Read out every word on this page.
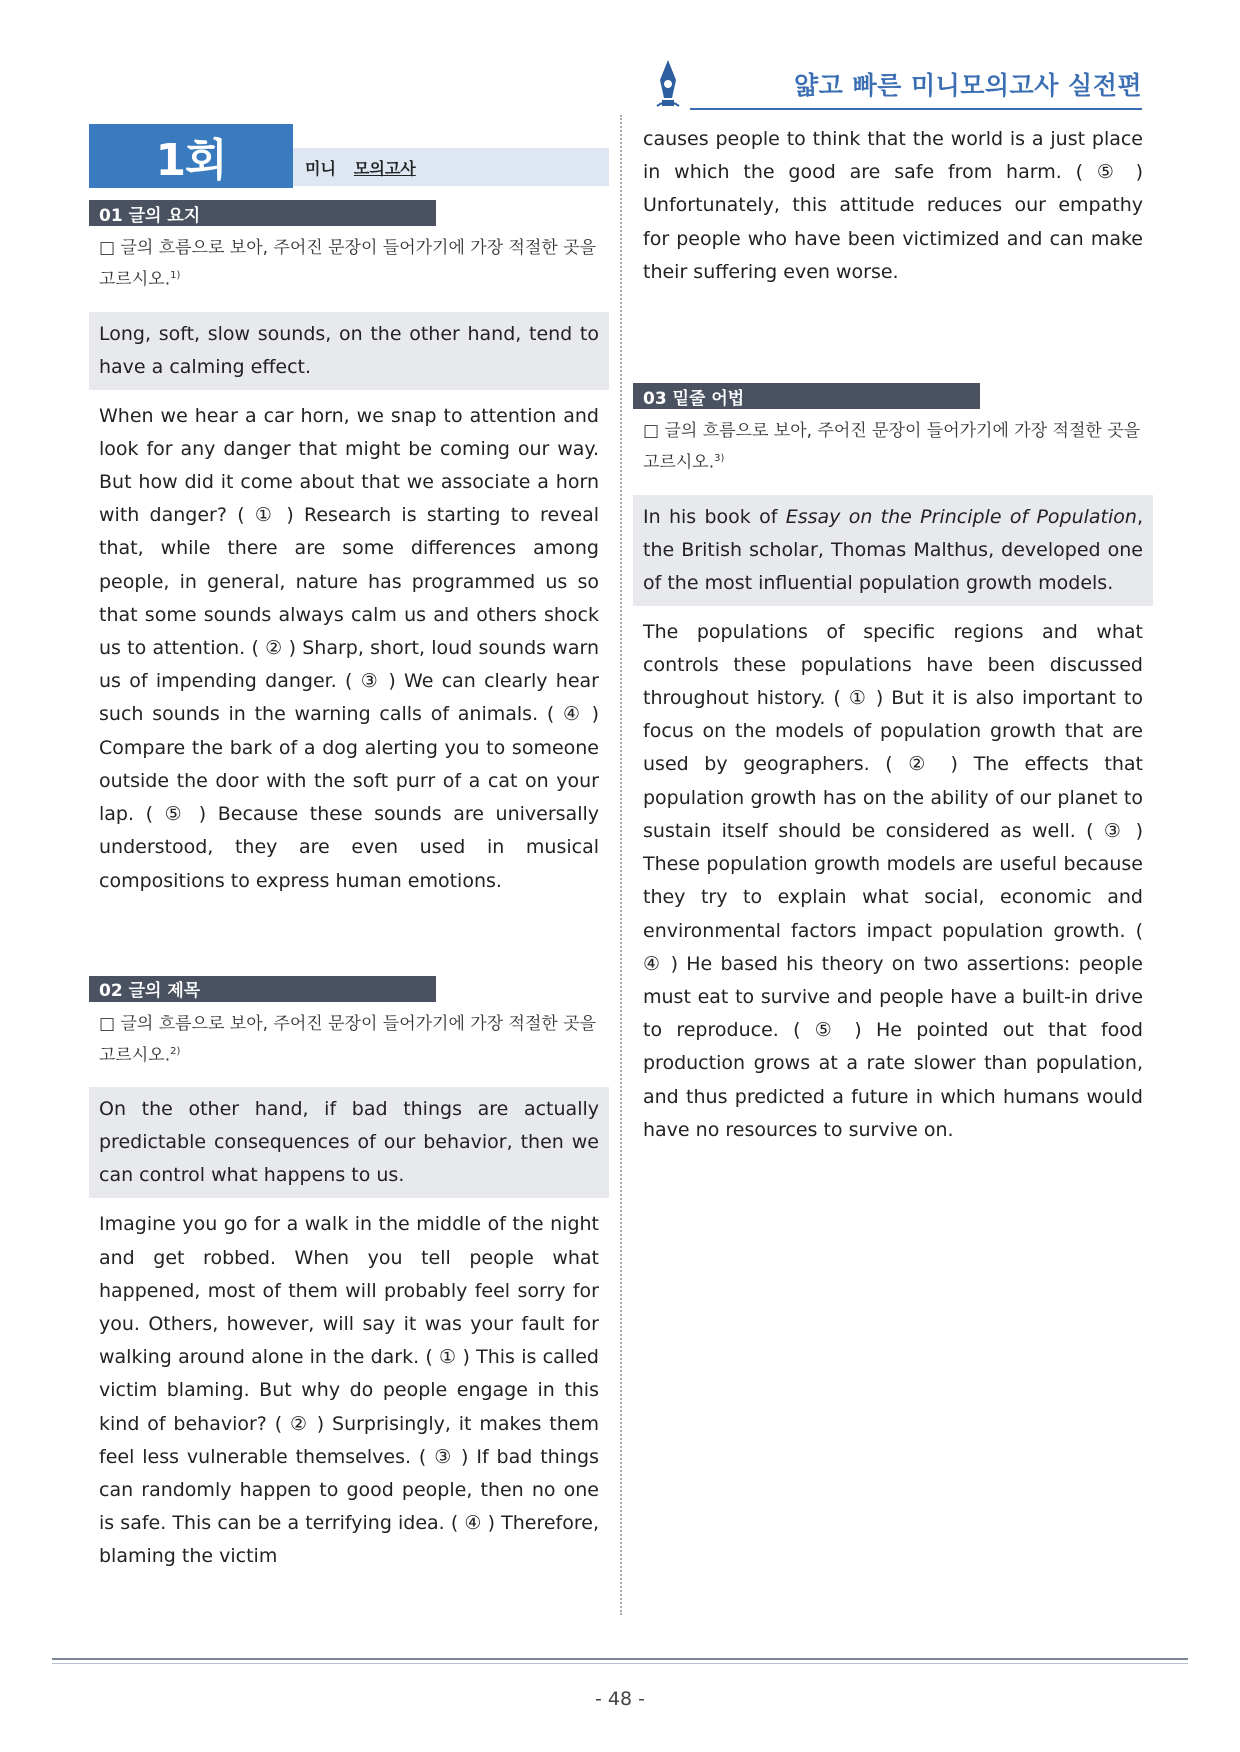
얇고 빠른 미니모의고사 실전편
1회	미니 모의고사
01 글의 요지
□ 글의 흐름으로 보아, 주어진 문장이 들어가기에 가장 적절한 곳을 고르시오.$^{1)}$
Long, soft, slow sounds, on the other hand, tend to have a calming effect.
When we hear a car horn, we snap to attention and look for any danger that might be coming our way. But how did it come about that we associate a horn with danger? ( ① ) Research is starting to reveal that, while there are some differences among people, in general, nature has programmed us so that some sounds always calm us and others shock us to attention. ( ② ) Sharp, short, loud sounds warn us of impending danger. ( ③ ) We can clearly hear such sounds in the warning calls of animals. ( ④ ) Compare the bark of a dog alerting you to someone outside the door with the soft purr of a cat on your lap. ( ⑤ ) Because these sounds are universally understood, they are even used in musical compositions to express human emotions.
02 글의 제목
□ 글의 흐름으로 보아, 주어진 문장이 들어가기에 가장 적절한 곳을 고르시오.$^{2)}$
On the other hand, if bad things are actually predictable consequences of our behavior, then we can control what happens to us.
Imagine you go for a walk in the middle of the night and get robbed. When you tell people what happened, most of them will probably feel sorry for you. Others, however, will say it was your fault for walking around alone in the dark. ( ① ) This is called victim blaming. But why do people engage in this kind of behavior? ( ② ) Surprisingly, it makes them feel less vulnerable themselves. ( ③ ) If bad things can randomly happen to good people, then no one is safe. This can be a terrifying idea. ( ④ ) Therefore, blaming the victim
causes people to think that the world is a just place in which the good are safe from harm. ( ⑤ ) Unfortunately, this attitude reduces our empathy for people who have been victimized and can make their suffering even worse.
03 밑줄 어법
□ 글의 흐름으로 보아, 주어진 문장이 들어가기에 가장 적절한 곳을 고르시오.$^{3)}$
In his book of Essay on the Principle of Population, the British scholar, Thomas Malthus, developed one of the most influential population growth models.
The populations of specific regions and what controls these populations have been discussed throughout history. ( ① ) But it is also important to focus on the models of population growth that are used by geographers. ( ② ) The effects that population growth has on the ability of our planet to sustain itself should be considered as well. ( ③ ) These population growth models are useful because they try to explain what social, economic and environmental factors impact population growth. ( ④ ) He based his theory on two assertions: people must eat to survive and people have a built-in drive to reproduce. ( ⑤ ) He pointed out that food production grows at a rate slower than population, and thus predicted a future in which humans would have no resources to survive on.
- 48 -
